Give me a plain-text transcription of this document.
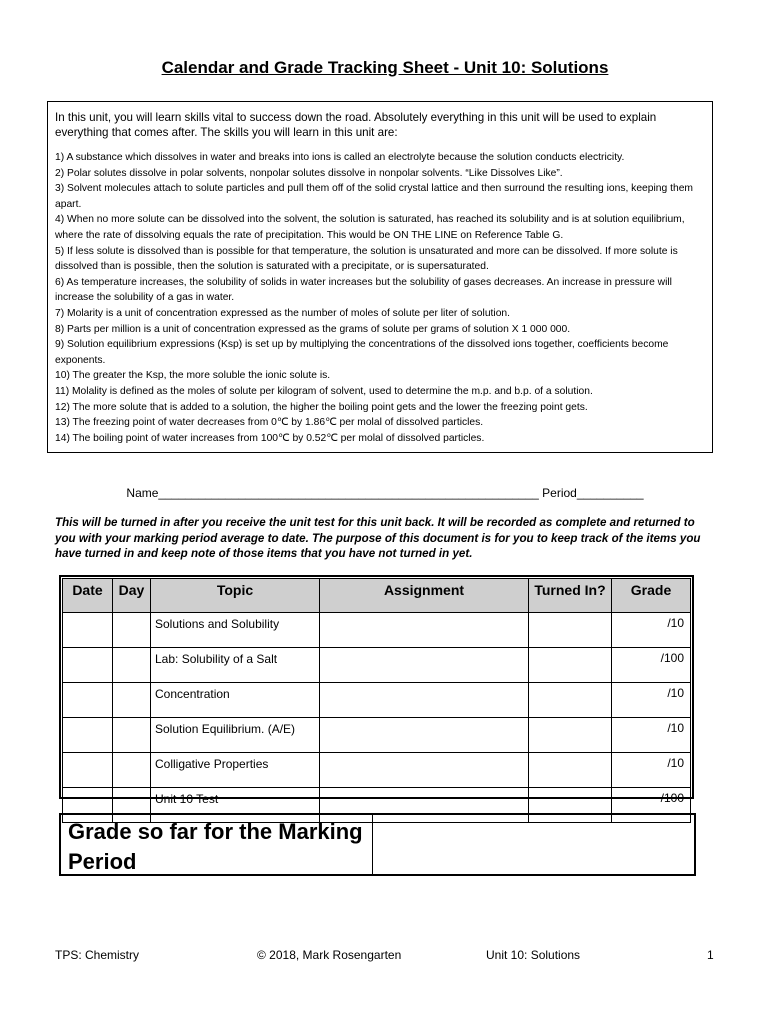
Calendar and Grade Tracking Sheet - Unit 10: Solutions

In this unit, you will learn skills vital to success down the road. Absolutely everything in this unit will be used to explain everything that comes after. The skills you will learn in this unit are:

1) A substance which dissolves in water and breaks into ions is called an electrolyte because the solution conducts electricity.
2) Polar solutes dissolve in polar solvents, nonpolar solutes dissolve in nonpolar solvents. “Like Dissolves Like”.
3) Solvent molecules attach to solute particles and pull them off of the solid crystal lattice and then surround the resulting ions, keeping them apart.
4) When no more solute can be dissolved into the solvent, the solution is saturated, has reached its solubility and is at solution equilibrium, where the rate of dissolving equals the rate of precipitation. This would be ON THE LINE on Reference Table G.
5) If less solute is dissolved than is possible for that temperature, the solution is unsaturated and more can be dissolved. If more solute is dissolved than is possible, then the solution is saturated with a precipitate, or is supersaturated.
6) As temperature increases, the solubility of solids in water increases but the solubility of gases decreases. An increase in pressure will increase the solubility of a gas in water.
7) Molarity is a unit of concentration expressed as the number of moles of solute per liter of solution.
8) Parts per million is a unit of concentration expressed as the grams of solute per grams of solution X 1 000 000.
9) Solution equilibrium expressions (Ksp) is set up by multiplying the concentrations of the dissolved ions together, coefficients become exponents.
10) The greater the Ksp, the more soluble the ionic solute is.
11) Molality is defined as the moles of solute per kilogram of solvent, used to determine the m.p. and b.p. of a solution.
12) The more solute that is added to a solution, the higher the boiling point gets and the lower the freezing point gets.
13) The freezing point of water decreases from 0℃ by 1.86℃ per molal of dissolved particles.
14) The boiling point of water increases from 100℃ by 0.52℃ per molal of dissolved particles.
Name_________________________________________________________ Period__________
This will be turned in after you receive the unit test for this unit back. It will be recorded as complete and returned to you with your marking period average to date. The purpose of this document is for you to keep track of the items you have turned in and keep note of those items that you have not turned in yet.
Date	Day	Topic	Assignment	Turned In?	Grade
		Solutions and Solubility			/10
		Lab: Solubility of a Salt			/100
		Concentration			/10
		Solution Equilibrium. (A/E)			/10
		Colligative Properties			/10
		Unit 10 Test			/100
Grade so far for the Marking Period
TPS: Chemistry	© 2018, Mark Rosengarten	Unit 10: Solutions	1
